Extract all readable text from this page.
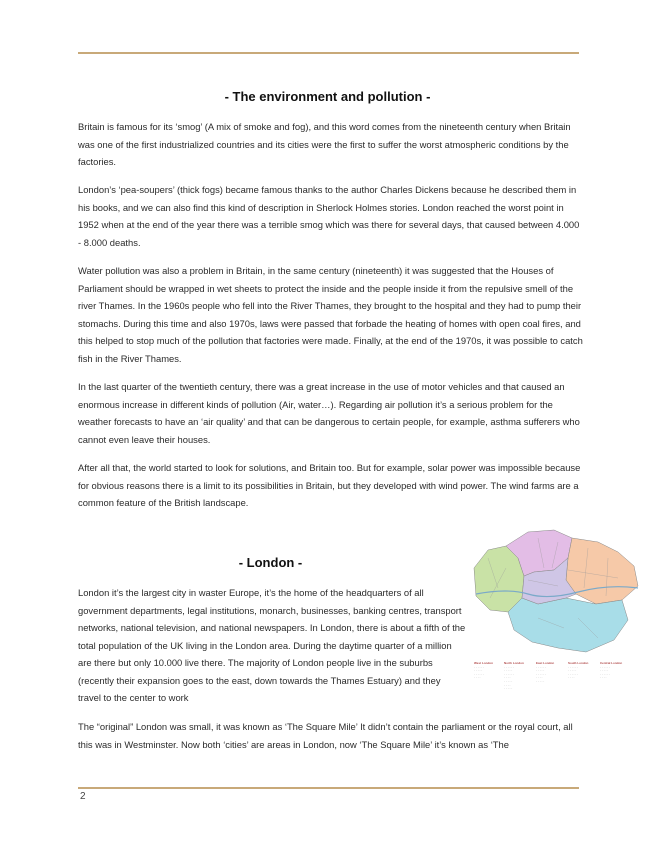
- The environment and pollution -

Britain is famous for its ‘smog’ (A mix of smoke and fog), and this word comes from the nineteenth century when Britain was one of the first industrialized countries and its cities were the first to suffer the worst atmospheric conditions by the factories.

London’s ‘pea-soupers’ (thick fogs) became famous thanks to the author Charles Dickens because he described them in his books, and we can also find this kind of description in Sherlock Holmes stories. London reached the worst point in 1952 when at the end of the year there was a terrible smog which was there for several days, that caused between 4.000 - 8.000 deaths.

Water pollution was also a problem in Britain, in the same century (nineteenth) it was suggested that the Houses of Parliament should be wrapped in wet sheets to protect the inside and the people inside it from the repulsive smell of the river Thames. In the 1960s people who fell into the River Thames, they brought to the hospital and they had to pump their stomachs. During this time and also 1970s, laws were passed that forbade the heating of homes with open coal fires, and this helped to stop much of the pollution that factories were made. Finally, at the end of the 1970s, it was possible to catch fish in the River Thames.

In the last quarter of the twentieth century, there was a great increase in the use of motor vehicles and that caused an enormous increase in different kinds of pollution (Air, water…). Regarding air pollution it’s a serious problem for the weather forecasts to have an ‘air quality’ and that can be dangerous to certain people, for example, asthma sufferers who cannot even leave their houses.

After all that, the world started to look for solutions, and Britain too. But for example, solar power was impossible because for obvious reasons there is a limit to its possibilities in Britain, but they developed with wind power. The wind farms are a common feature of the British landscape.

- London -

London it’s the largest city in waster Europe, it’s the home of the headquarters of all government departments, legal institutions, monarch, businesses, banking centres, transport networks, national television, and national newspapers. In London, there is about a fifth of the total population of the UK living in the London area. During the daytime quarter of a million are there but only 10.000 live there. The majority of London people live in the suburbs (recently their expansion goes to the east, down towards the Thames Estuary) and they travel to the center to work

The “original” London was small, it was known as ‘The Square Mile’ It didn’t contain the parliament or the royal court, all this was in Westminster. Now both ‘cities’ are areas in London, now ‘The Square Mile’ it’s known as ‘The

West London
· · · · · ·
· · · · ·
· · · · · ·
· · · ·
North London
· · · · · ·
· · · · ·
· · · · · ·
· · · ·
· · · · ·
· · · ·
· · · · ·
East London
· · · · · ·
· · · · ·
· · · · · ·
· · · ·
· · · · ·
South London
· · · · · ·
· · · · ·
· · · · · ·
· · · ·
Central London
· · · · · ·
· · · · ·
· · · · · ·
· · · ·
2
